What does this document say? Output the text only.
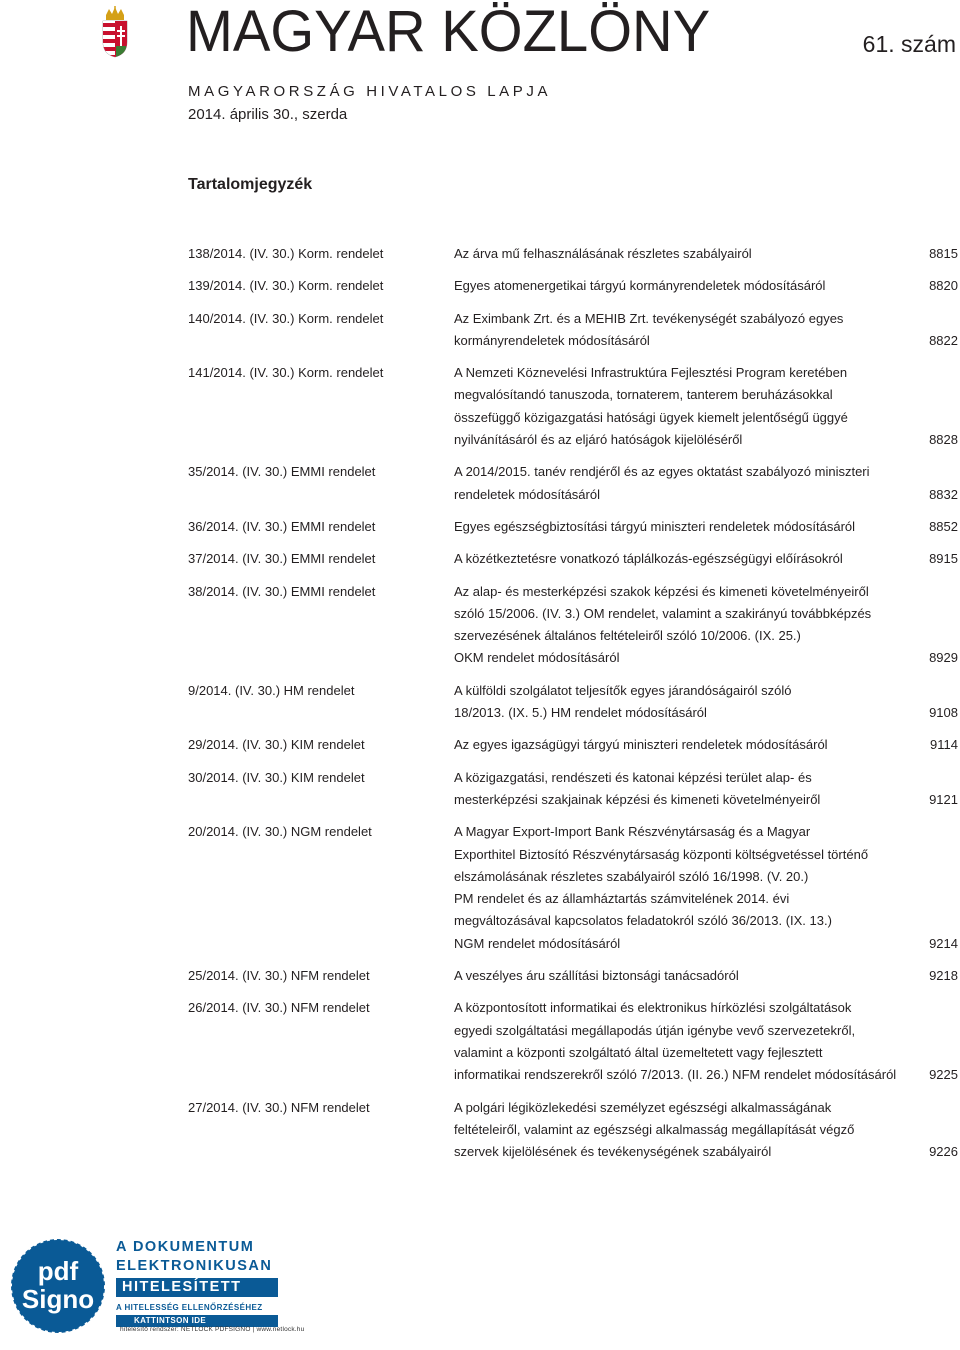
MAGYAR KÖZLÖNY	61. szám
MAGYARORSZÁG HIVATALOS LAPJA
2014. április 30., szerda
Tartalomjegyzék
138/2014. (IV. 30.) Korm. rendelet	Az árva mű felhasználásának részletes szabályairól	8815
139/2014. (IV. 30.) Korm. rendelet	Egyes atomenergetikai tárgyú kormányrendeletek módosításáról	8820
140/2014. (IV. 30.) Korm. rendelet	Az Eximbank Zrt. és a MEHIB Zrt. tevékenységét szabályozó egyes
kormányrendeletek módosításáról	8822
141/2014. (IV. 30.) Korm. rendelet	A Nemzeti Köznevelési Infrastruktúra Fejlesztési Program keretében
megvalósítandó tanuszoda, tornaterem, tanterem beruházásokkal
összefüggő közigazgatási hatósági ügyek kiemelt jelentőségű üggyé
nyilvánításáról és az eljáró hatóságok kijelöléséről	8828
35/2014. (IV. 30.) EMMI rendelet	A 2014/2015. tanév rendjéről és az egyes oktatást szabályozó miniszteri
rendeletek módosításáról	8832
36/2014. (IV. 30.) EMMI rendelet	Egyes egészségbiztosítási tárgyú miniszteri rendeletek módosításáról	8852
37/2014. (IV. 30.) EMMI rendelet	A közétkeztetésre vonatkozó táplálkozás-egészségügyi előírásokról	8915
38/2014. (IV. 30.) EMMI rendelet	Az alap- és mesterképzési szakok képzési és kimeneti követelményeiről
szóló 15/2006. (IV. 3.) OM rendelet, valamint a szakirányú továbbképzés
szervezésének általános feltételeiről szóló 10/2006. (IX. 25.)
OKM rendelet módosításáról	8929
9/2014. (IV. 30.) HM rendelet	A külföldi szolgálatot teljesítők egyes járandóságairól szóló
18/2013. (IX. 5.) HM rendelet módosításáról	9108
29/2014. (IV. 30.) KIM rendelet	Az egyes igazságügyi tárgyú miniszteri rendeletek módosításáról	9114
30/2014. (IV. 30.) KIM rendelet	A közigazgatási, rendészeti és katonai képzési terület alap- és
mesterképzési szakjainak képzési és kimeneti követelményeiről	9121
20/2014. (IV. 30.) NGM rendelet	A Magyar Export-Import Bank Részvénytársaság és a Magyar
Exporthitel Biztosító Részvénytársaság központi költségvetéssel történő
elszámolásának részletes szabályairól szóló 16/1998. (V. 20.)
PM rendelet és az államháztartás számvitelének 2014. évi
megváltozásával kapcsolatos feladatokról szóló 36/2013. (IX. 13.)
NGM rendelet módosításáról	9214
25/2014. (IV. 30.) NFM rendelet	A veszélyes áru szállítási biztonsági tanácsadóról	9218
26/2014. (IV. 30.) NFM rendelet	A központosított informatikai és elektronikus hírközlési szolgáltatások
egyedi szolgáltatási megállapodás útján igénybe vevő szervezetekről,
valamint a központi szolgáltató által üzemeltetett vagy fejlesztett
informatikai rendszerekről szóló 7/2013. (II. 26.) NFM rendelet módosításáról	9225
27/2014. (IV. 30.) NFM rendelet	A polgári légiközlekedési személyzet egészségi alkalmasságának
feltételeiről, valamint az egészségi alkalmasság megállapítását végző
szervek kijelölésének és tevékenységének szabályairól	9226
pdf
Signo
A DOKUMENTUM
ELEKTRONIKUSAN
HITELESÍTETT
A HITELESSÉG ELLENŐRZÉSÉHEZ
KATTINTSON IDE
hitelesítő rendszer: NETLOCK PDFSIGNO | www.netlock.hu
